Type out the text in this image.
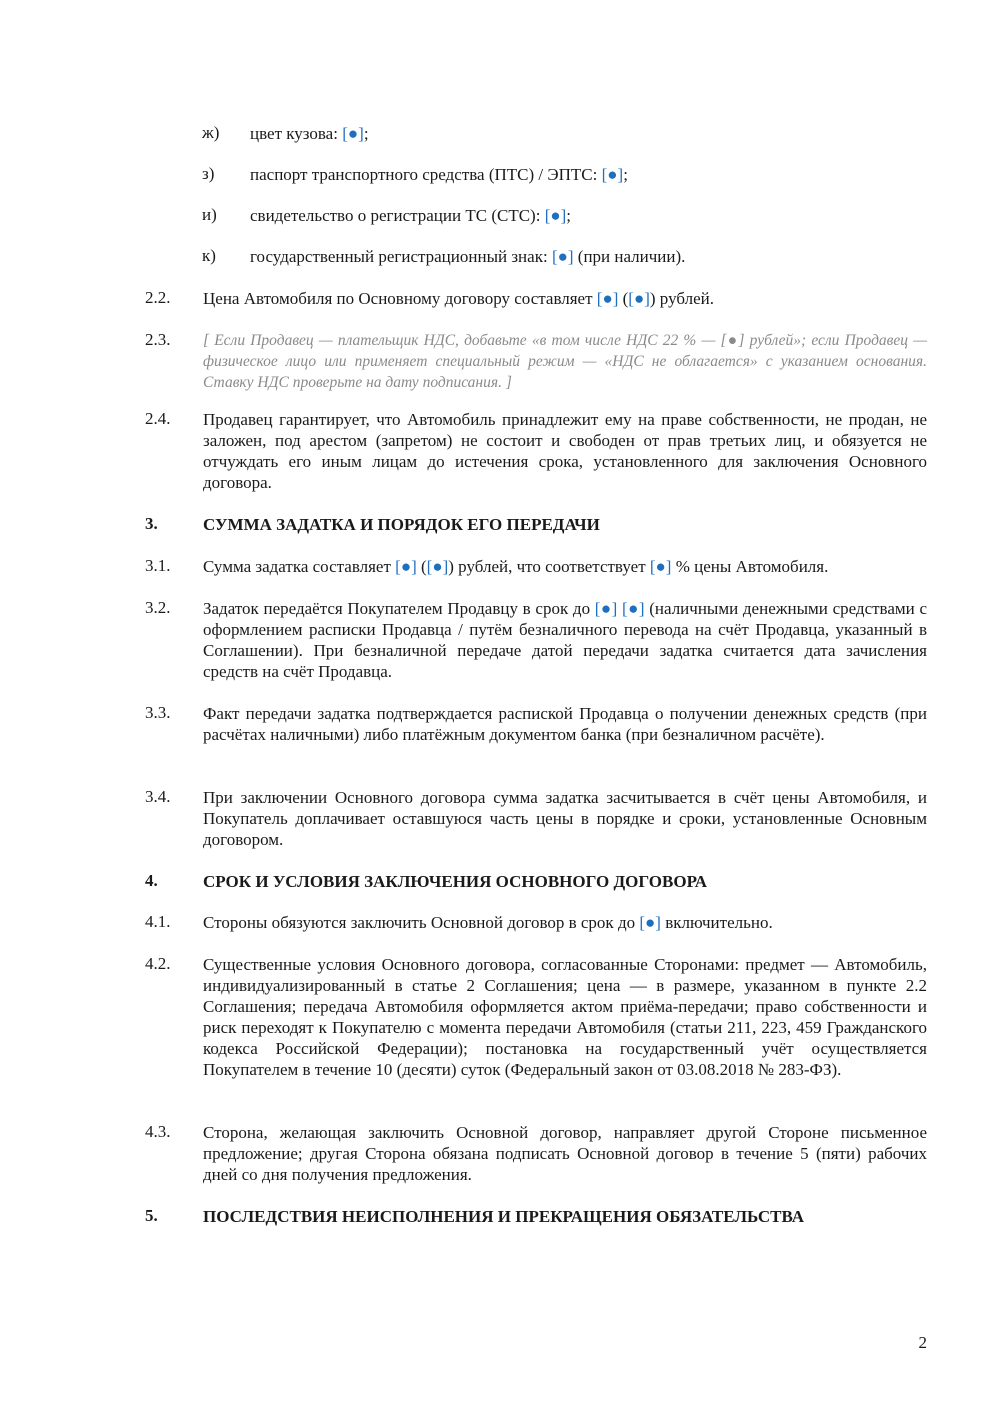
ж) цвет кузова: [●];
з) паспорт транспортного средства (ПТС) / ЭПТС: [●];
и) свидетельство о регистрации ТС (СТС): [●];
к) государственный регистрационный знак: [●] (при наличии).
2.2. Цена Автомобиля по Основному договору составляет [●] ([●]) рублей.
2.3. [ Если Продавец — плательщик НДС, добавьте «в том числе НДС 22 % — [●] рублей»; если Продавец — физическое лицо или применяет специальный режим — «НДС не облагается» с указанием основания. Ставку НДС проверьте на дату подписания. ]
2.4. Продавец гарантирует, что Автомобиль принадлежит ему на праве собственности, не продан, не заложен, под арестом (запретом) не состоит и свободен от прав третьих лиц, и обязуется не отчуждать его иным лицам до истечения срока, установленного для заключения Основного договора.
3.	СУММА ЗАДАТКА И ПОРЯДОК ЕГО ПЕРЕДАЧИ
3.1. Сумма задатка составляет [●] ([●]) рублей, что соответствует [●] % цены Автомобиля.
3.2. Задаток передаётся Покупателем Продавцу в срок до [●] [●] (наличными денежными средствами с оформлением расписки Продавца / путём безналичного перевода на счёт Продавца, указанный в Соглашении). При безналичной передаче датой передачи задатка считается дата зачисления средств на счёт Продавца.
3.3. Факт передачи задатка подтверждается распиской Продавца о получении денежных средств (при расчётах наличными) либо платёжным документом банка (при безналичном расчёте).
3.4. При заключении Основного договора сумма задатка засчитывается в счёт цены Автомобиля, и Покупатель доплачивает оставшуюся часть цены в порядке и сроки, установленные Основным договором.
4.	СРОК И УСЛОВИЯ ЗАКЛЮЧЕНИЯ ОСНОВНОГО ДОГОВОРА
4.1. Стороны обязуются заключить Основной договор в срок до [●] включительно.
4.2. Существенные условия Основного договора, согласованные Сторонами: предмет — Автомобиль, индивидуализированный в статье 2 Соглашения; цена — в размере, указанном в пункте 2.2 Соглашения; передача Автомобиля оформляется актом приёма-передачи; право собственности и риск переходят к Покупателю с момента передачи Автомобиля (статьи 211, 223, 459 Гражданского кодекса Российской Федерации); постановка на государственный учёт осуществляется Покупателем в течение 10 (десяти) суток (Федеральный закон от 03.08.2018 № 283-ФЗ).
4.3. Сторона, желающая заключить Основной договор, направляет другой Стороне письменное предложение; другая Сторона обязана подписать Основной договор в течение 5 (пяти) рабочих дней со дня получения предложения.
5.	ПОСЛЕДСТВИЯ НЕИСПОЛНЕНИЯ И ПРЕКРАЩЕНИЯ ОБЯЗАТЕЛЬСТВА
2
